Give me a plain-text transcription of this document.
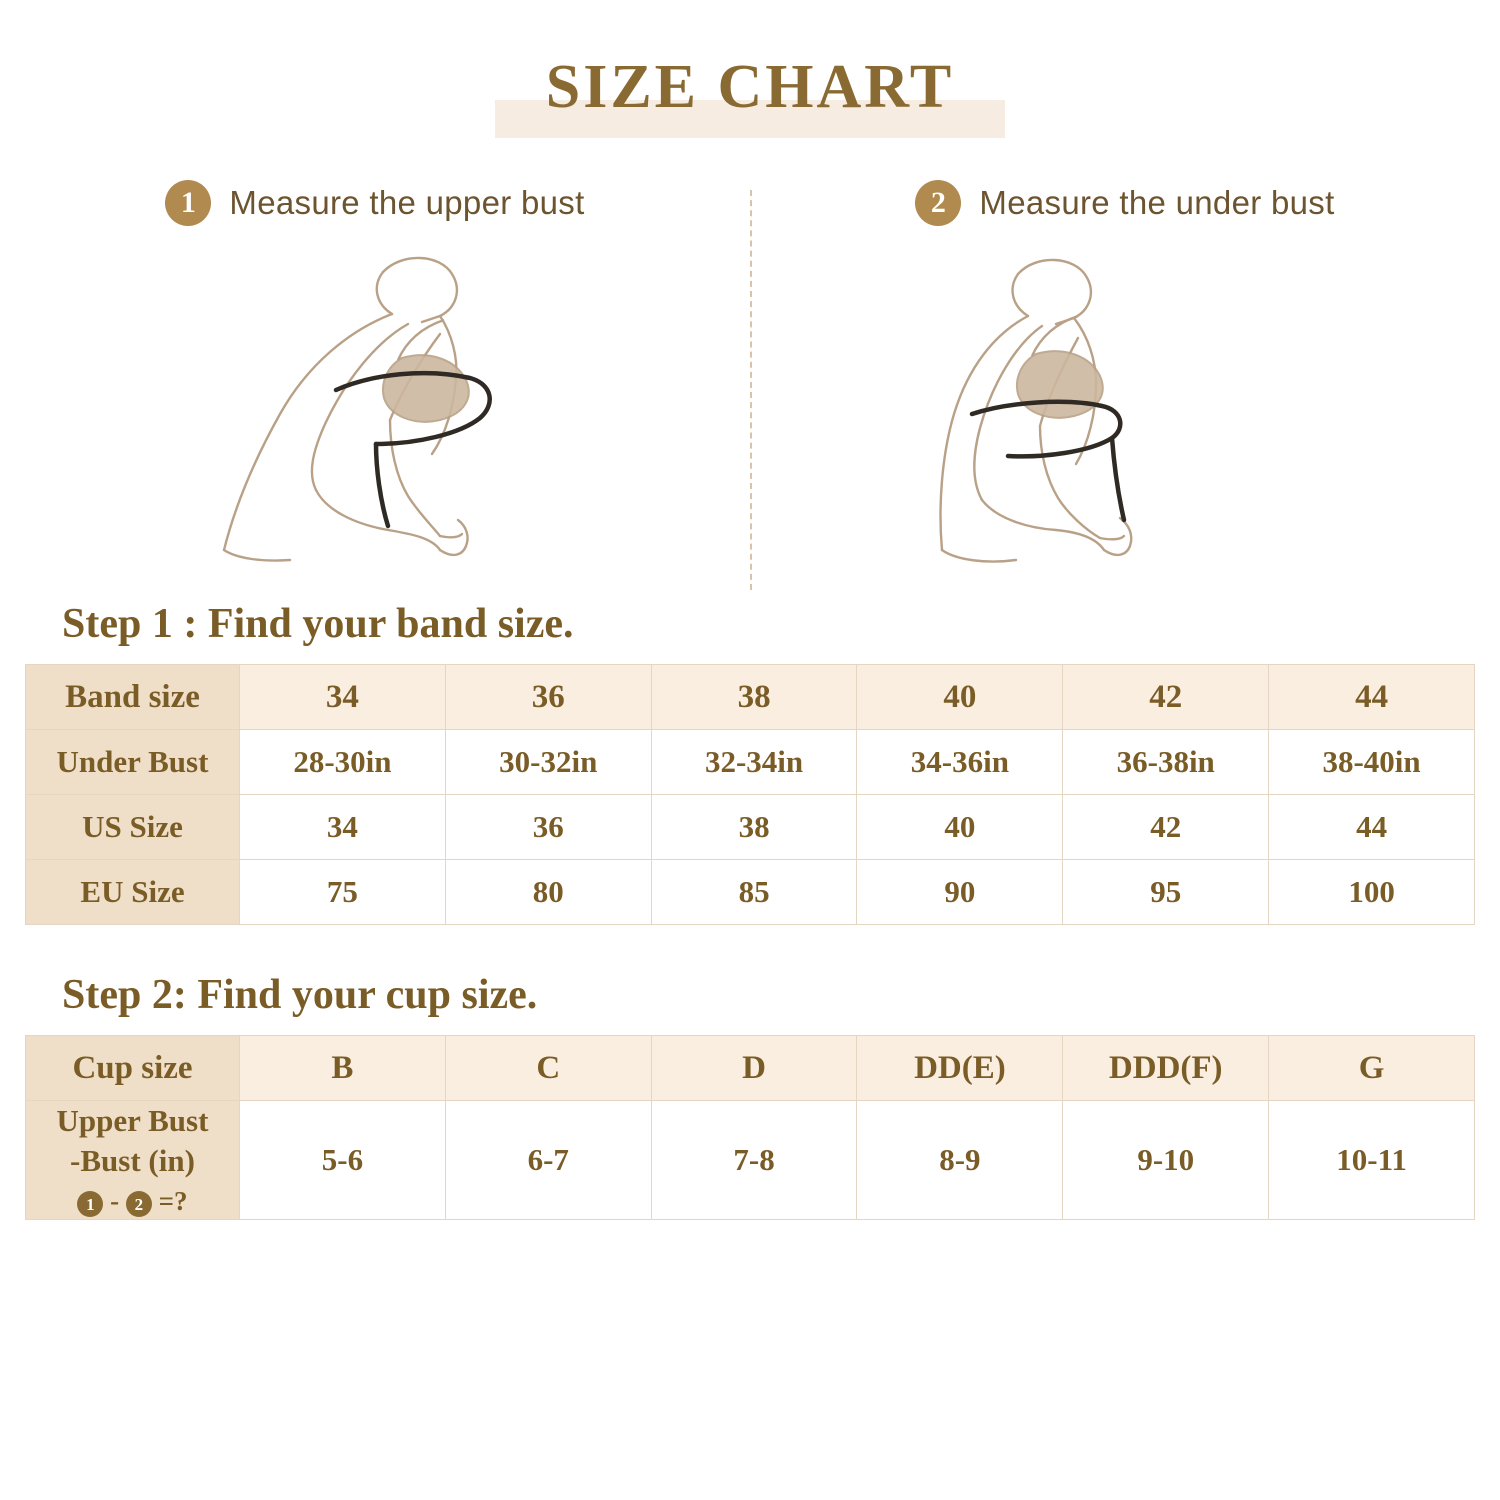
SIZE CHART
1	Measure the upper bust	2	Measure the under bust
Step 1 : Find your band size.
Band size	34	36	38	40	42	44
Under Bust	28-30in	30-32in	32-34in	34-36in	36-38in	38-40in
US Size	34	36	38	40	42	44
EU Size	75	80	85	90	95	100
Step 2: Find your cup size.
Cup size	B	C	D	DD(E)	DDD(F)	G

Upper Bust
-Bust (in)
1 - 2 =?	5-6	6-7	7-8	8-9	9-10	10-11
